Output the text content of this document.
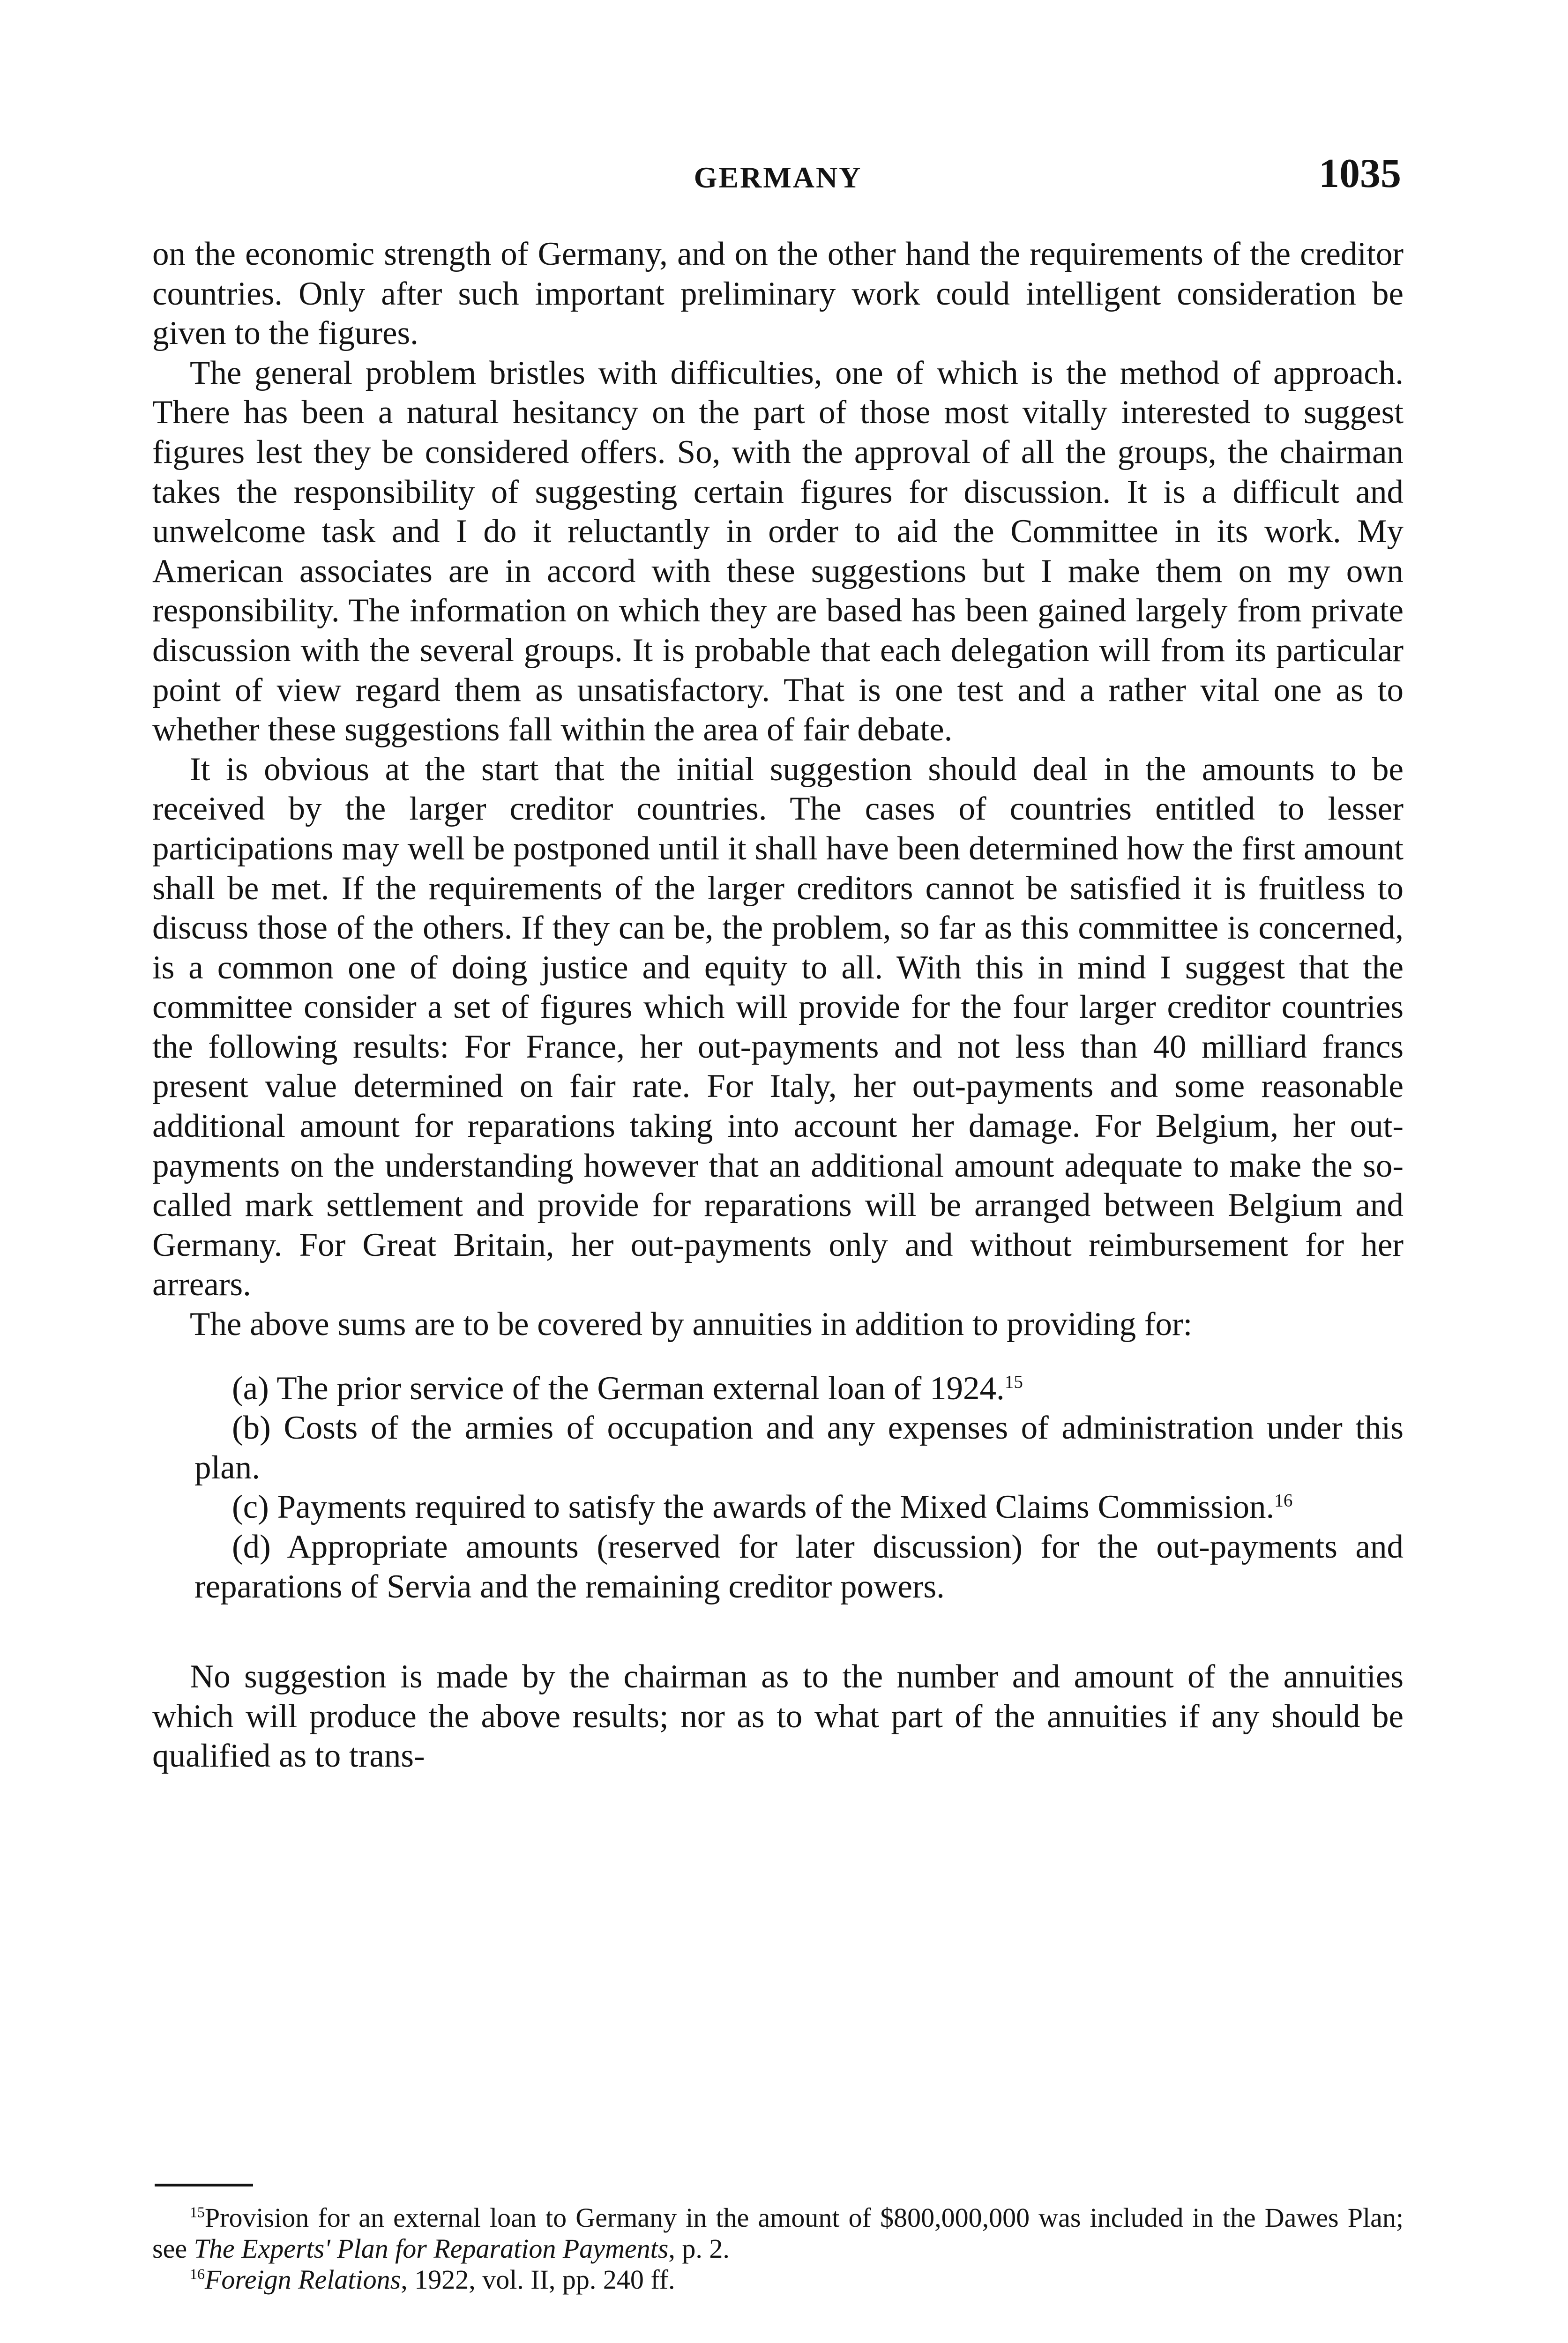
GERMANY	1035

on the economic strength of Germany, and on the other hand the requirements of the creditor countries. Only after such important preliminary work could intelligent consideration be given to the figures.

The general problem bristles with difficulties, one of which is the method of approach. There has been a natural hesitancy on the part of those most vitally interested to suggest figures lest they be considered offers. So, with the approval of all the groups, the chairman takes the responsibility of suggesting certain figures for discussion. It is a difficult and unwelcome task and I do it reluctantly in order to aid the Committee in its work. My American associates are in accord with these suggestions but I make them on my own responsibility. The information on which they are based has been gained largely from private discussion with the several groups. It is probable that each delegation will from its particular point of view regard them as unsatisfactory. That is one test and a rather vital one as to whether these suggestions fall within the area of fair debate.

It is obvious at the start that the initial suggestion should deal in the amounts to be received by the larger creditor countries. The cases of countries entitled to lesser participations may well be postponed until it shall have been determined how the first amount shall be met. If the requirements of the larger creditors cannot be satisfied it is fruitless to discuss those of the others. If they can be, the problem, so far as this committee is concerned, is a common one of doing justice and equity to all. With this in mind I suggest that the committee consider a set of figures which will provide for the four larger creditor countries the following results: For France, her out-payments and not less than 40 milliard francs present value determined on fair rate. For Italy, her out-payments and some reasonable additional amount for reparations taking into account her damage. For Belgium, her out-payments on the understanding however that an additional amount adequate to make the so-called mark settlement and provide for reparations will be arranged between Belgium and Germany. For Great Britain, her out-payments only and without reimbursement for her arrears.

The above sums are to be covered by annuities in addition to providing for:

(a) The prior service of the German external loan of 1924.15

(b) Costs of the armies of occupation and any expenses of administration under this plan.

(c) Payments required to satisfy the awards of the Mixed Claims Commission.$^{16}$

(d) Appropriate amounts (reserved for later discussion) for the out-payments and reparations of Servia and the remaining creditor powers.

No suggestion is made by the chairman as to the number and amount of the annuities which will produce the above results; nor as to what part of the annuities if any should be qualified as to trans-

$^{15}$Provision for an external loan to Germany in the amount of $800,000,000 was included in the Dawes Plan; see The Experts' Plan for Reparation Payments, p. 2.

$^{16}$Foreign Relations, 1922, vol. II, pp. 240 ff.
